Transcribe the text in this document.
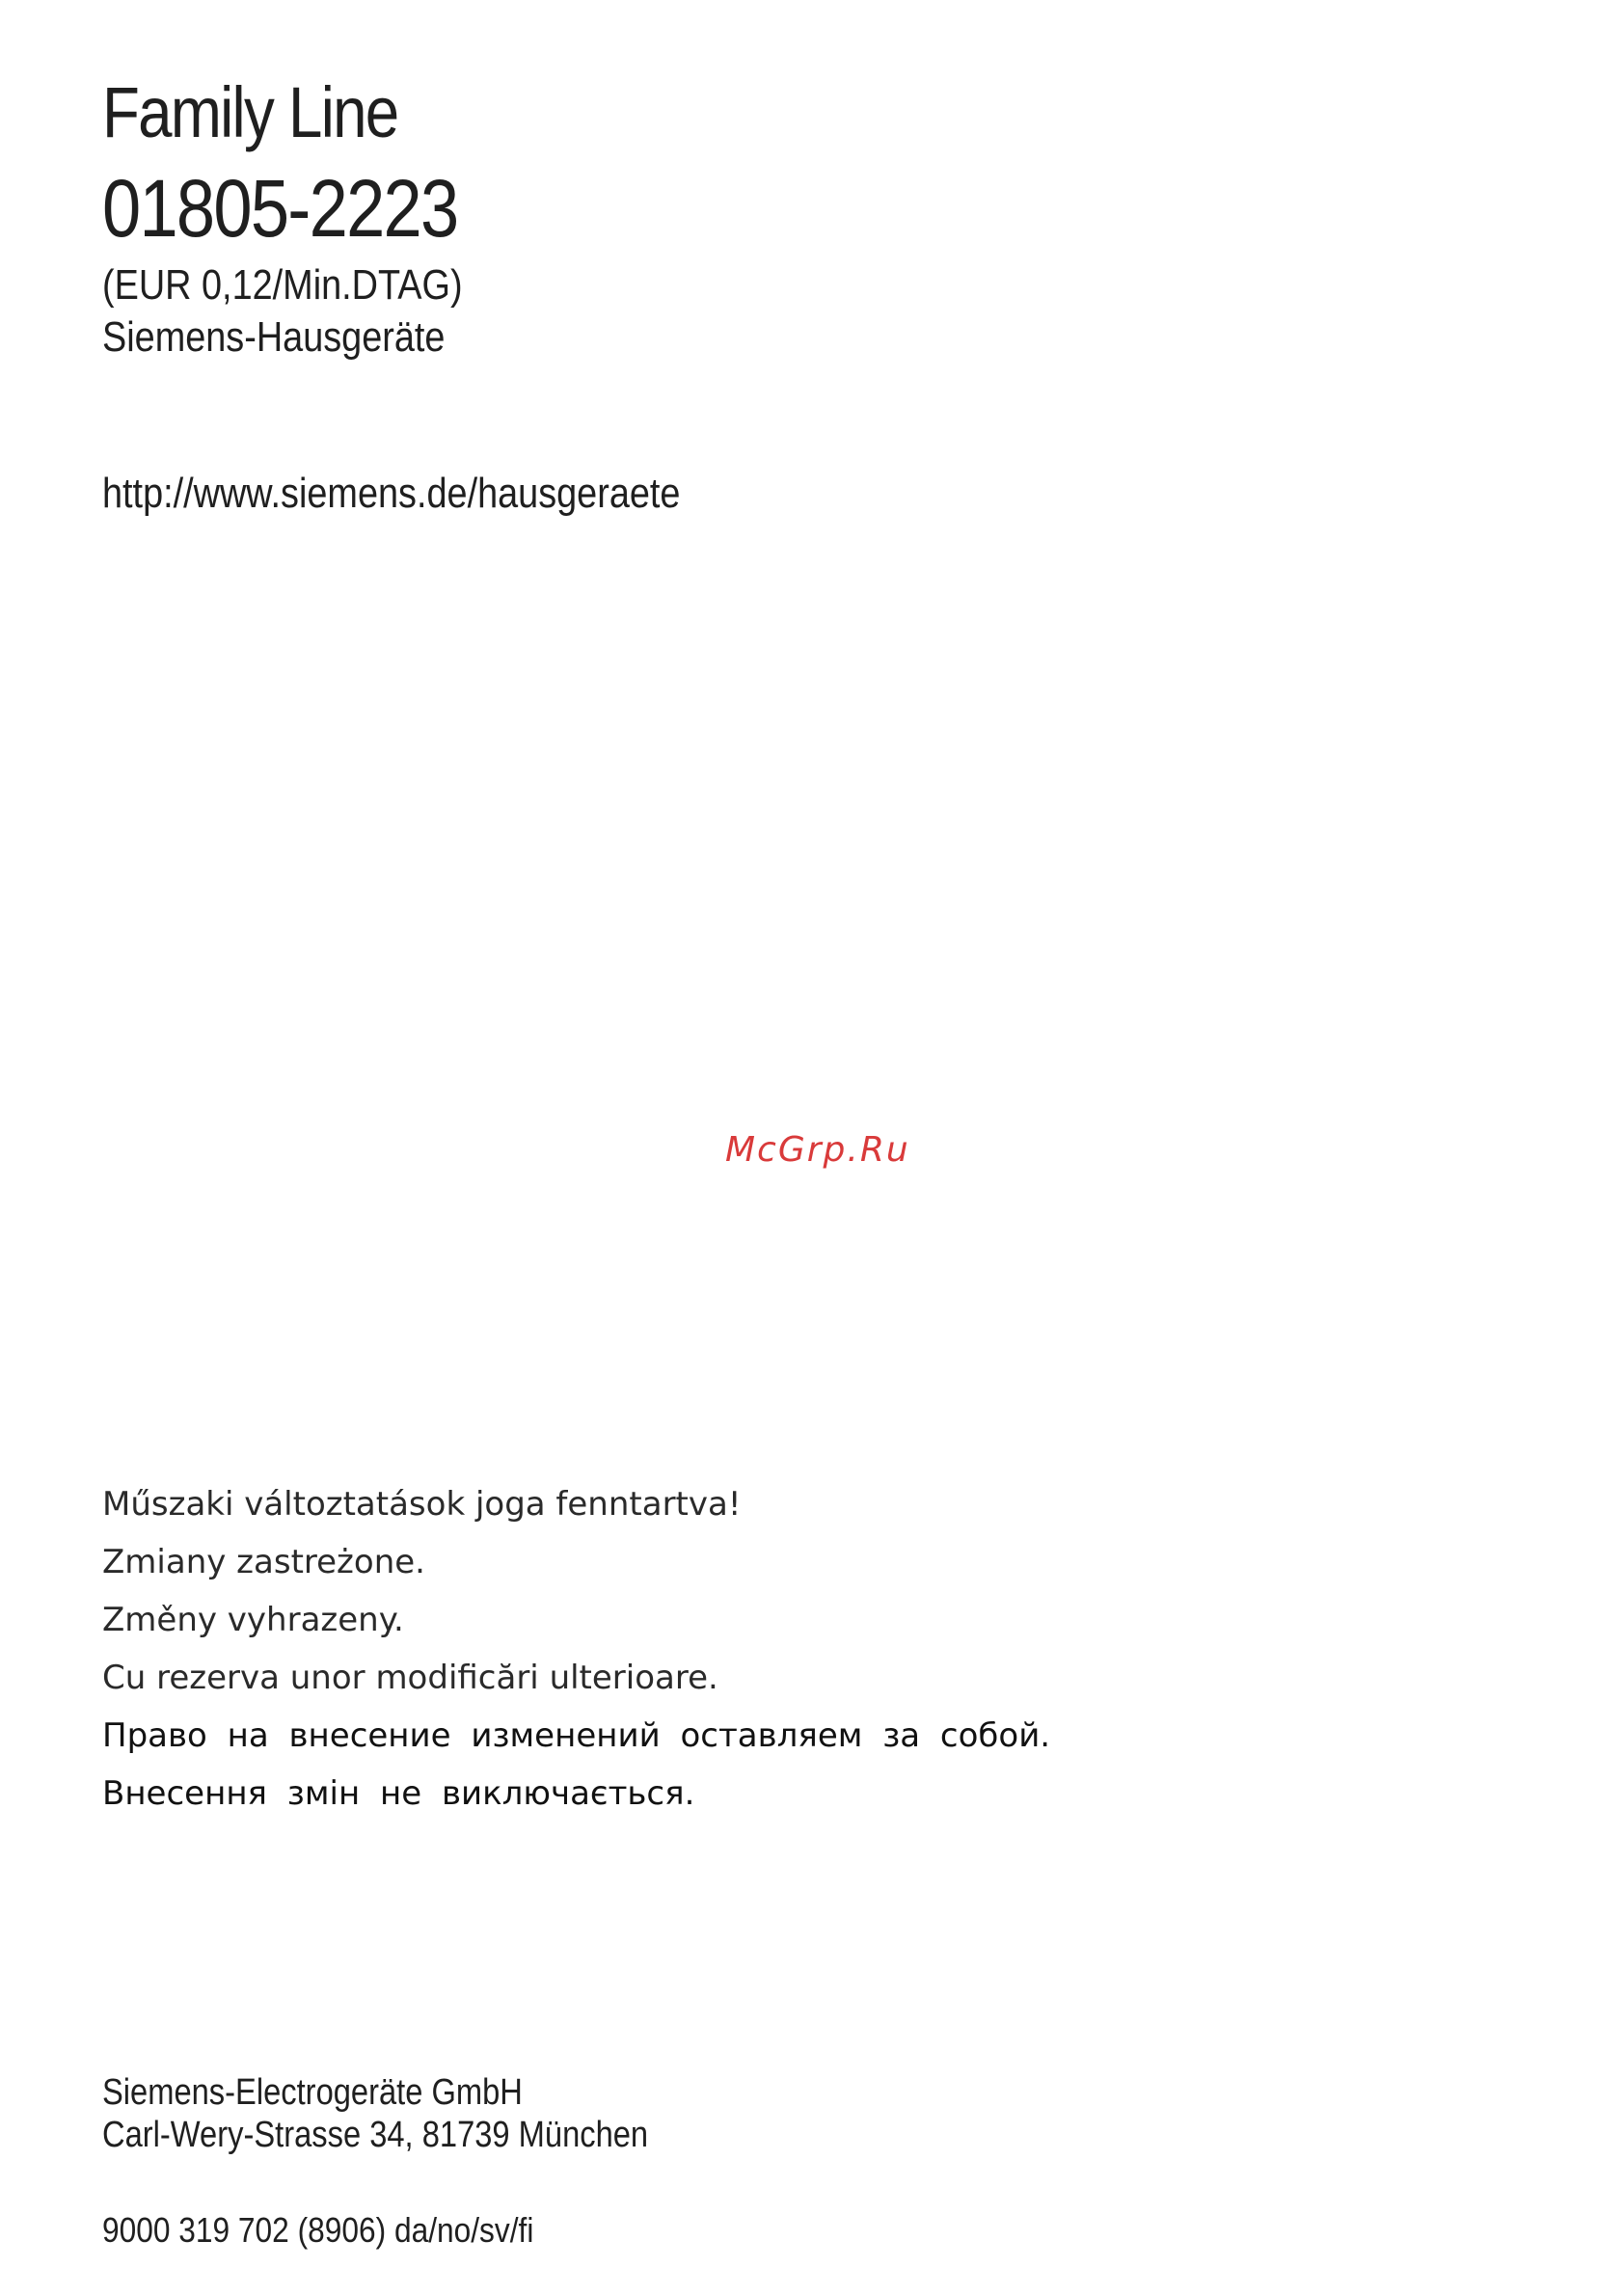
Family Line
01805-2223
(EUR 0,12/Min.DTAG)
Siemens-Hausgeräte
http://www.siemens.de/hausgeraete
McGrp.Ru
Műszaki változtatások joga fenntartva!
Zmiany zastreżone.
Změny vyhrazeny.
Cu rezerva unor modificări ulterioare.
Право на внесение изменений оставляем за собой.
Внесення змін не виключається.
Siemens-Electrogeräte GmbH
Carl-Wery-Strasse 34, 81739 München
9000 319 702 (8906) da/no/sv/fi
